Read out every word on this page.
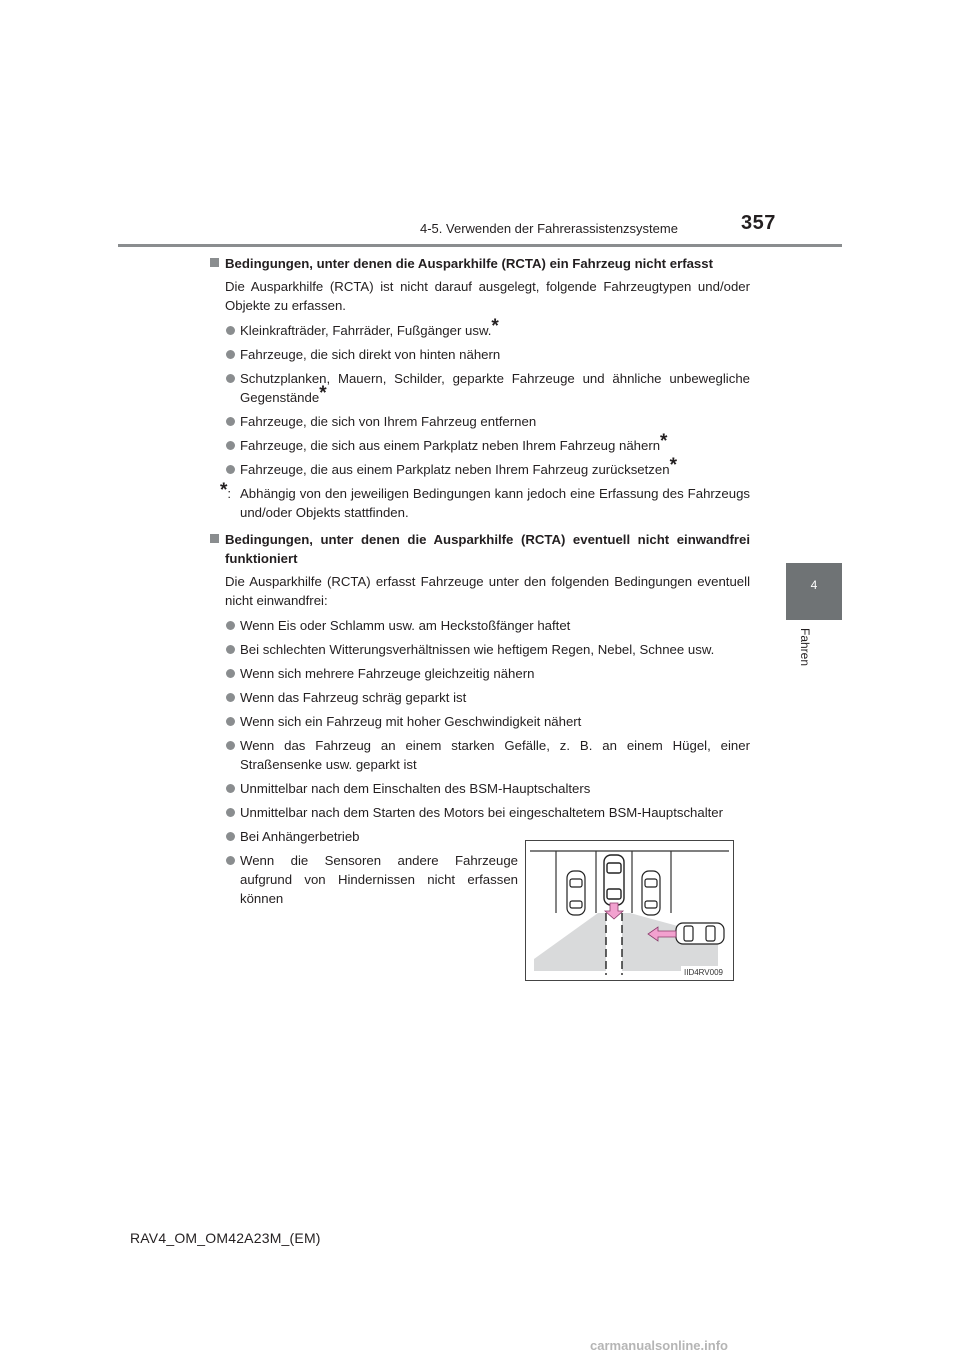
4-5. Verwenden der Fahrerassistenzsysteme	357
4
Fahren
Bedingungen, unter denen die Ausparkhilfe (RCTA) ein Fahrzeug nicht erfasst
Die Ausparkhilfe (RCTA) ist nicht darauf ausgelegt, folgende Fahrzeugtypen und/oder Objekte zu erfassen.
Kleinkrafträder, Fahrräder, Fußgänger usw.*
Fahrzeuge, die sich direkt von hinten nähern
Schutzplanken, Mauern, Schilder, geparkte Fahrzeuge und ähnliche unbewegliche Gegenstände*
Fahrzeuge, die sich von Ihrem Fahrzeug entfernen
Fahrzeuge, die sich aus einem Parkplatz neben Ihrem Fahrzeug nähern*
Fahrzeuge, die aus einem Parkplatz neben Ihrem Fahrzeug zurücksetzen*
*: Abhängig von den jeweiligen Bedingungen kann jedoch eine Erfassung des Fahrzeugs und/oder Objekts stattfinden.
Bedingungen, unter denen die Ausparkhilfe (RCTA) eventuell nicht einwandfrei funktioniert
Die Ausparkhilfe (RCTA) erfasst Fahrzeuge unter den folgenden Bedingungen eventuell nicht einwandfrei:
Wenn Eis oder Schlamm usw. am Heckstoßfänger haftet
Bei schlechten Witterungsverhältnissen wie heftigem Regen, Nebel, Schnee usw.
Wenn sich mehrere Fahrzeuge gleichzeitig nähern
Wenn das Fahrzeug schräg geparkt ist
Wenn sich ein Fahrzeug mit hoher Geschwindigkeit nähert
Wenn das Fahrzeug an einem starken Gefälle, z. B. an einem Hügel, einer Straßensenke usw. geparkt ist
Unmittelbar nach dem Einschalten des BSM-Hauptschalters
Unmittelbar nach dem Starten des Motors bei eingeschaltetem BSM-Hauptschalter
Bei Anhängerbetrieb
Wenn die Sensoren andere Fahrzeuge aufgrund von Hindernissen nicht erfassen können
IID4RV009
RAV4_OM_OM42A23M_(EM)
carmanualsonline.info
